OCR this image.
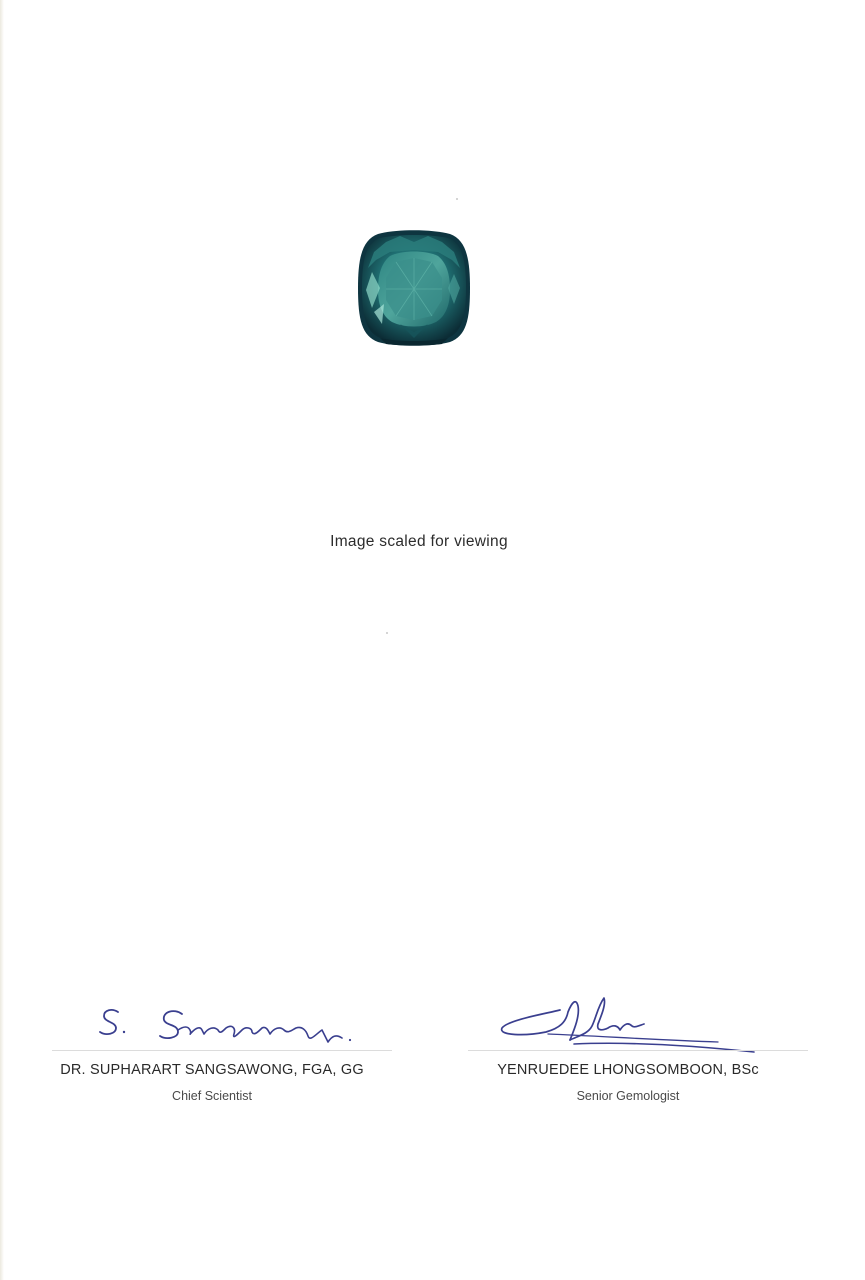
Image scaled for viewing
DR. SUPHARART SANGSAWONG, FGA, GG
Chief Scientist
YENRUEDEE LHONGSOMBOON, BSc
Senior Gemologist
